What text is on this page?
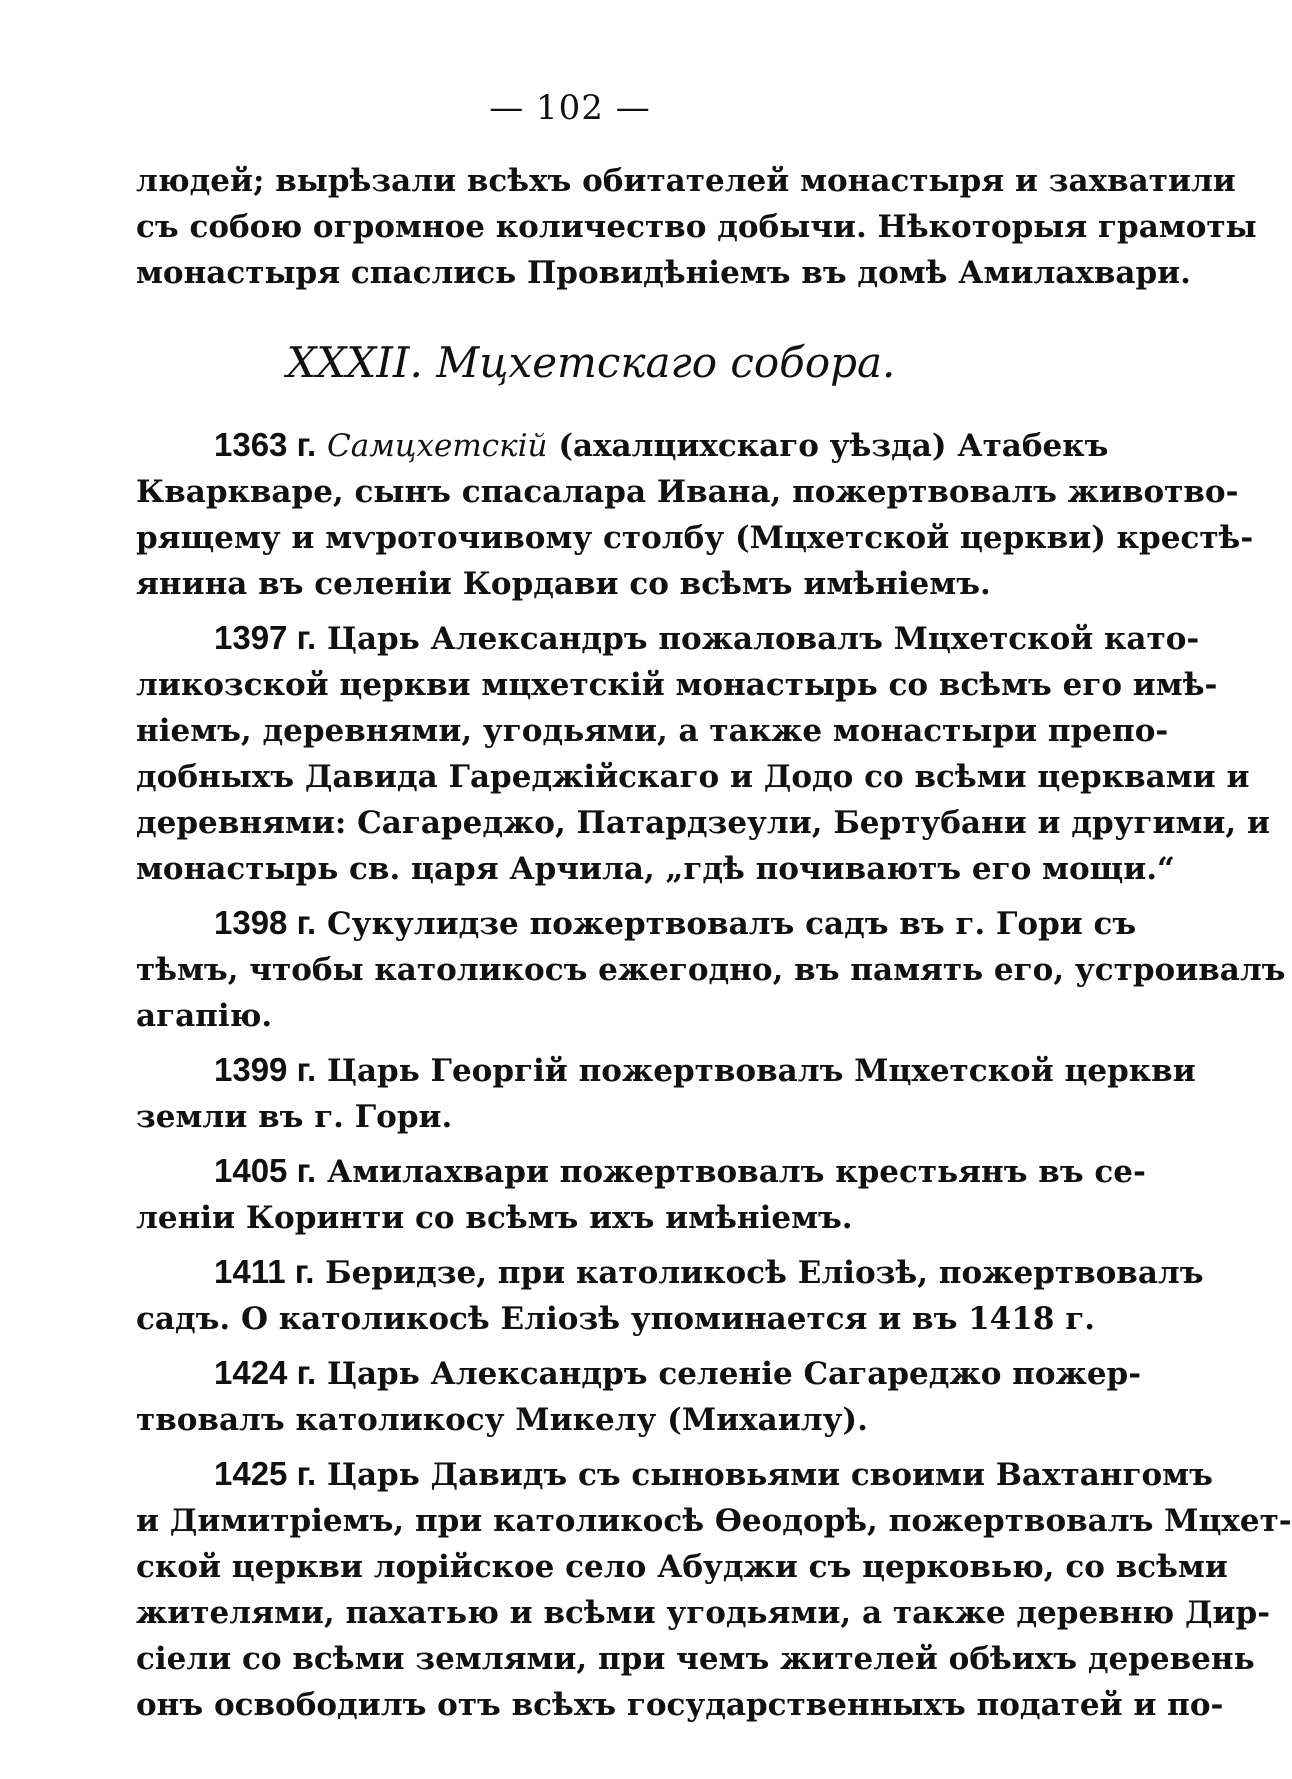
— 102 —
людей; вырѣзали всѣхъ обитателей монастыря и захватили
съ собою огромное количество добычи. Нѣкоторыя грамоты
монастыря спаслись Провидѣніемъ въ домѣ Амилахвари.
XXXII. Мцхетскаго собора.
1363 г. Самцхетскій (ахалцихскаго уѣзда) Атабекъ
Кваркваре, сынъ спасалара Ивана, пожертвовалъ животво-
рящему и мѵроточивому столбу (Мцхетской церкви) крестѣ-
янина въ селеніи Кордави со всѣмъ имѣніемъ.
1397 г. Царь Александръ пожаловалъ Мцхетской като-
ликозской церкви мцхетскій монастырь со всѣмъ его имѣ-
ніемъ, деревнями, угодьями, а также монастыри препо-
добныхъ Давида Гареджійскаго и Додо со всѣми церквами и
деревнями: Сагареджо, Патардзеули, Бертубани и другими, и
монастырь св. царя Арчила, „гдѣ почиваютъ его мощи.“
1398 г. Сукулидзе пожертвовалъ садъ въ г. Гори съ
тѣмъ, чтобы католикосъ ежегодно, въ память его, устроивалъ
агапію.
1399 г. Царь Георгій пожертвовалъ Мцхетской церкви
земли въ г. Гори.
1405 г. Амилахвари пожертвовалъ крестьянъ въ се-
леніи Коринти со всѣмъ ихъ имѣніемъ.
1411 г. Беридзе, при католикосѣ Еліозѣ, пожертвовалъ
садъ. О католикосѣ Еліозѣ упоминается и въ 1418 г.
1424 г. Царь Александръ селеніе Сагареджо пожер-
твовалъ католикосу Микелу (Михаилу).
1425 г. Царь Давидъ съ сыновьями своими Вахтангомъ
и Димитріемъ, при католикосѣ Ѳеодорѣ, пожертвовалъ Мцхет-
ской церкви лорійское село Абуджи съ церковью, со всѣми
жителями, пахатью и всѣми угодьями, а также деревню Дир-
сіели со всѣми землями, при чемъ жителей обѣихъ деревень
онъ освободилъ отъ всѣхъ государственныхъ податей и по-
